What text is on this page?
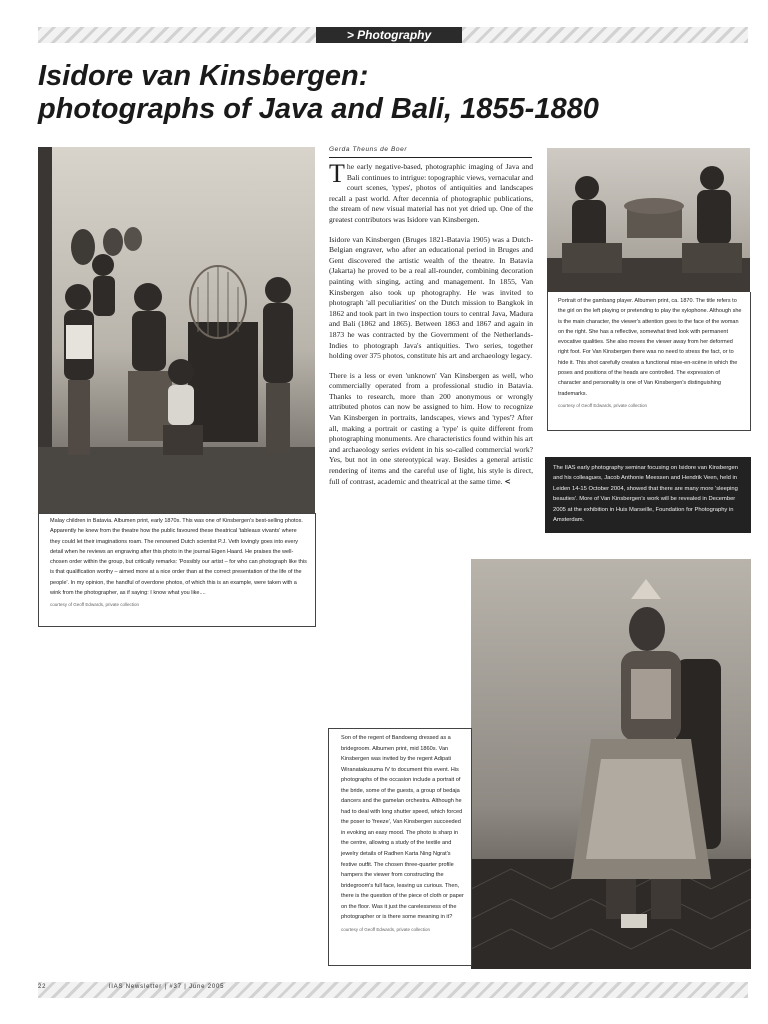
> Photography
Isidore van Kinsbergen:
photographs of Java and Bali, 1855-1880
Gerda Theuns de Boer

The early negative-based, photographic imaging of Java and Bali continues to intrigue: topographic views, vernacular and court scenes, 'types', photos of antiquities and landscapes recall a past world. After decennia of photographic publications, the stream of new visual material has not yet dried up. One of the greatest contributors was Isidore van Kinsbergen.

Isidore van Kinsbergen (Bruges 1821-Batavia 1905) was a Dutch-Belgian engraver, who after an educational period in Bruges and Gent discovered the artistic wealth of the theatre. In Batavia (Jakarta) he proved to be a real all-rounder, combining decoration painting with singing, acting and management. In 1855, Van Kinsbergen also took up photography. He was invited to photograph 'all peculiarities' on the Dutch mission to Bangkok in 1862 and took part in two inspection tours to central Java, Madura and Bali (1862 and 1865). Between 1863 and 1867 and again in 1873 he was contracted by the Government of the Netherlands-Indies to photograph Java's antiquities. Two series, together holding over 375 photos, constitute his art and archaeology legacy.

There is a less or even 'unknown' Van Kinsbergen as well, who commercially operated from a professional studio in Batavia. Thanks to research, more than 200 anonymous or wrongly attributed photos can now be assigned to him. How to recognize Van Kinsbergen in portraits, landscapes, views and 'types'? After all, making a portrait or casting a 'type' is quite different from photographing monuments. Are characteristics found within his art and archaeology series evident in his so-called commercial work? Yes, but not in one stereotypical way. Besides a general artistic rendering of items and the careful use of light, his style is direct, full of contrast, academic and theatrical at the same time. <

Malay children in Batavia. Albumen print, early 1870s. This was one of Kinsbergen's best-selling photos. Apparently he knew from the theatre how the public favoured these theatrical 'tableaux vivants' where they could let their imaginations roam. The renowned Dutch scientist P.J. Veth lovingly goes into every detail when he reviews an engraving after this photo in the journal Eigen Haard. He praises the well-chosen order within the group, but critically remarks: 'Possibly our artist – for who can photograph like this is that qualification worthy – aimed more at a nice order than at the correct presentation of the life of the people'. In my opinion, the handful of overdone photos, of which this is an example, were taken with a wink from the photographer, as if saying: I know what you like....

courtesy of Geoff Edwards, private collection

Portrait of the gambang player. Albumen print, ca. 1870. The title refers to the girl on the left playing or pretending to play the xylophone. Although she is the main character, the viewer's attention goes to the face of the woman on the right. She has a reflective, somewhat tired look with permanent evocative qualities. She also moves the viewer away from her deformed right foot. For Van Kinsbergen there was no need to stress the fact, or to hide it. This shot carefully creates a functional mise-en-scène in which the poses and positions of the heads are controlled. The expression of character and personality is one of Van Kinsbergen's distinguishing trademarks.

courtesy of Geoff Edwards, private collection

The IIAS early photography seminar focusing on Isidore van Kinsbergen and his colleagues, Jacob Anthonie Meessen and Hendrik Veen, held in Leiden 14-15 October 2004, showed that there are many more 'sleeping beauties'. More of Van Kinsbergen's work will be revealed in December 2005 at the exhibition in Huis Marseille, Foundation for Photography in Amsterdam.

Son of the regent of Bandoeng dressed as a bridegroom. Albumen print, mid 1860s. Van Kinsbergen was invited by the regent Adipati Wiranatakusuma IV to document this event. His photographs of the occasion include a portrait of the bride, some of the guests, a group of bedaja dancers and the gamelan orchestra. Although he had to deal with long shutter speed, which forced the poser to 'freeze', Van Kinsbergen succeeded in evoking an easy mood. The photo is sharp in the centre, allowing a study of the textile and jewelry details of Radhen Karta Ning Ngrat's festive outfit. The chosen three-quarter profile hampers the viewer from constructing the bridegroom's full face, leaving us curious. Then, there is the question of the piece of cloth or paper on the floor. Was it just the carelessness of the photographer or is there some meaning in it?

courtesy of Geoff Edwards, private collection

22	IIAS Newsletter | #37 | June 2005
